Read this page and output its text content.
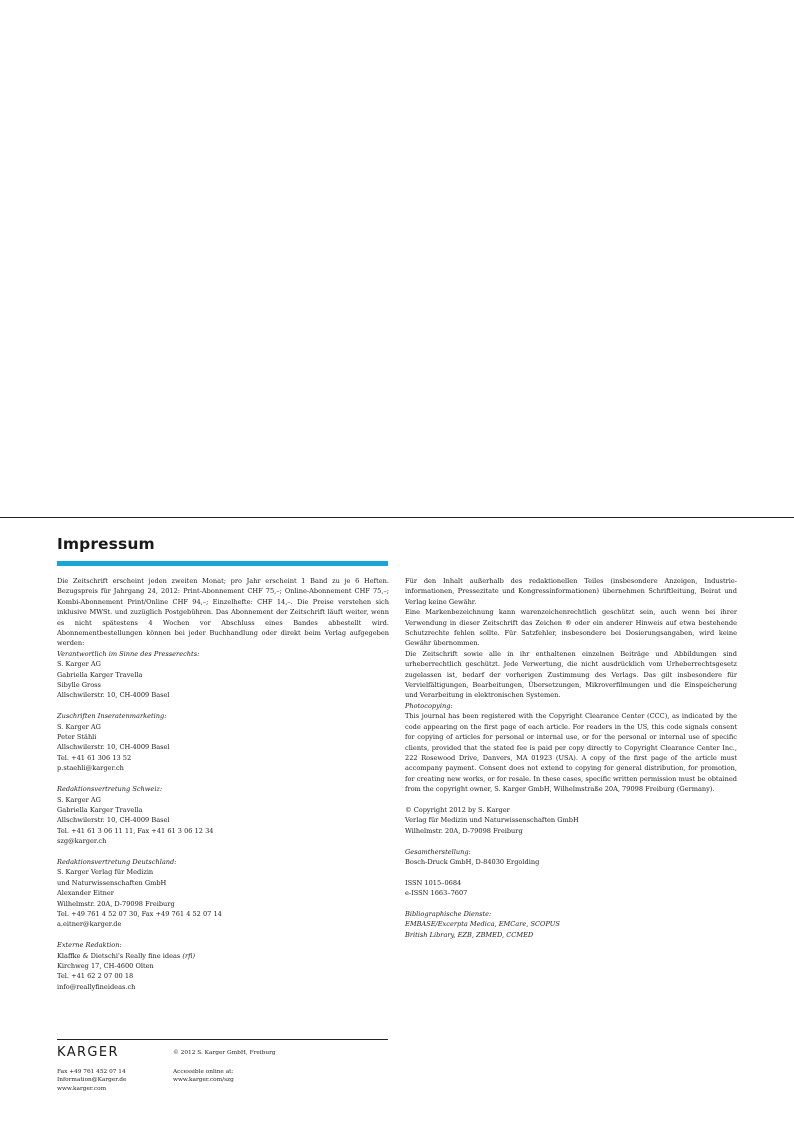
Impressum

Die Zeitschrift erscheint jeden zweiten Monat; pro Jahr erscheint 1 Band zu je 6 Heften. Bezugspreis für Jahrgang 24, 2012: Print-Abonnement CHF 75,–; Online-Abonnement CHF 75,–; Kombi-Abonnement Print/Online CHF 94,–; Einzelhefte: CHF 14,–. Die Preise verstehen sich inklusive MWSt. und zuzüglich Postgebühren. Das Abonnement der Zeitschrift läuft weiter, wenn es nicht spätestens 4 Wochen vor Abschluss eines Bandes abbestellt wird. Abonnementbestellungen können bei jeder Buchhandlung oder direkt beim Verlag aufgegeben werden:

Verantwortlich im Sinne des Presserechts:

S. Karger AG

Gabriella Karger Travella

Sibylle Gross

Allschwilerstr. 10, CH-4009 Basel

Zuschriften Inseratenmarketing:

S. Karger AG

Peter Stähli

Allschwilerstr. 10, CH-4009 Basel

Tel. +41 61 306 13 52

p.staehli@karger.ch

Redaktionsvertretung Schweiz:

S. Karger AG

Gabriella Karger Travella

Allschwilerstr. 10, CH-4009 Basel

Tel. +41 61 3 06 11 11, Fax +41 61 3 06 12 34

szg@karger.ch

Redaktionsvertretung Deutschland:

S. Karger Verlag für Medizin

und Naturwissenschaften GmbH

Alexander Eitner

Wilhelmstr. 20A, D-79098 Freiburg

Tel. +49 761 4 52 07 30, Fax +49 761 4 52 07 14

a.eitner@karger.de

Externe Redaktion:

Klaffke & Dietschi's Really fine ideas (rfi)

Kirchweg 17, CH-4600 Olten

Tel. +41 62 2 07 00 18

info@reallyfineideas.ch

Für den Inhalt außerhalb des redaktionellen Teiles (insbesondere Anzeigen, Industrieinformationen, Pressezitate und Kongressinformationen) übernehmen Schriftleitung, Beirat und Verlag keine Gewähr.

Eine Markenbezeichnung kann warenzeichenrechtlich geschützt sein, auch wenn bei ihrer Verwendung in dieser Zeitschrift das Zeichen ® oder ein anderer Hinweis auf etwa bestehende Schutzrechte fehlen sollte. Für Satzfehler, insbesondere bei Dosierungsangaben, wird keine Gewähr übernommen.

Die Zeitschrift sowie alle in ihr enthaltenen einzelnen Beiträge und Abbildungen sind urheberrechtlich geschützt. Jede Verwertung, die nicht ausdrücklich vom Urheberrechtsgesetz zugelassen ist, bedarf der vorherigen Zustimmung des Verlags. Das gilt insbesondere für Vervielfältigungen, Bearbeitungen, Übersetzungen, Mikroverfilmungen und die Einspeicherung und Verarbeitung in elektronischen Systemen.

Photocopying:

This journal has been registered with the Copyright Clearance Center (CCC), as indicated by the code appearing on the first page of each article. For readers in the US, this code signals consent for copying of articles for personal or internal use, or for the personal or internal use of specific clients, provided that the stated fee is paid per copy directly to Copyright Clearance Center Inc., 222 Rosewood Drive, Danvers, MA 01923 (USA). A copy of the first page of the article must accompany payment. Consent does not extend to copying for general distribution, for promotion, for creating new works, or for resale. In these cases, specific written permission must be obtained from the copyright owner, S. Karger GmbH, Wilhelmstraße 20A, 79098 Freiburg (Germany).

© Copyright 2012 by S. Karger

Verlag für Medizin und Naturwissenschaften GmbH

Wilhelmstr. 20A, D-79098 Freiburg

Gesamtherstellung:

Bosch-Druck GmbH, D-84030 Ergolding

ISSN 1015–0684

e-ISSN 1663–7607

Bibliographische Dienste:

EMBASE/Excerpta Medica, EMCare, SCOPUS

British Library, EZB, ZBMED, CCMED

KARGER	© 2012 S. Karger GmbH, Freiburg
Fax +49 761 452 07 14
Information@Karger.de
www.karger.com
Accessible online at:
www.karger.com/szg
